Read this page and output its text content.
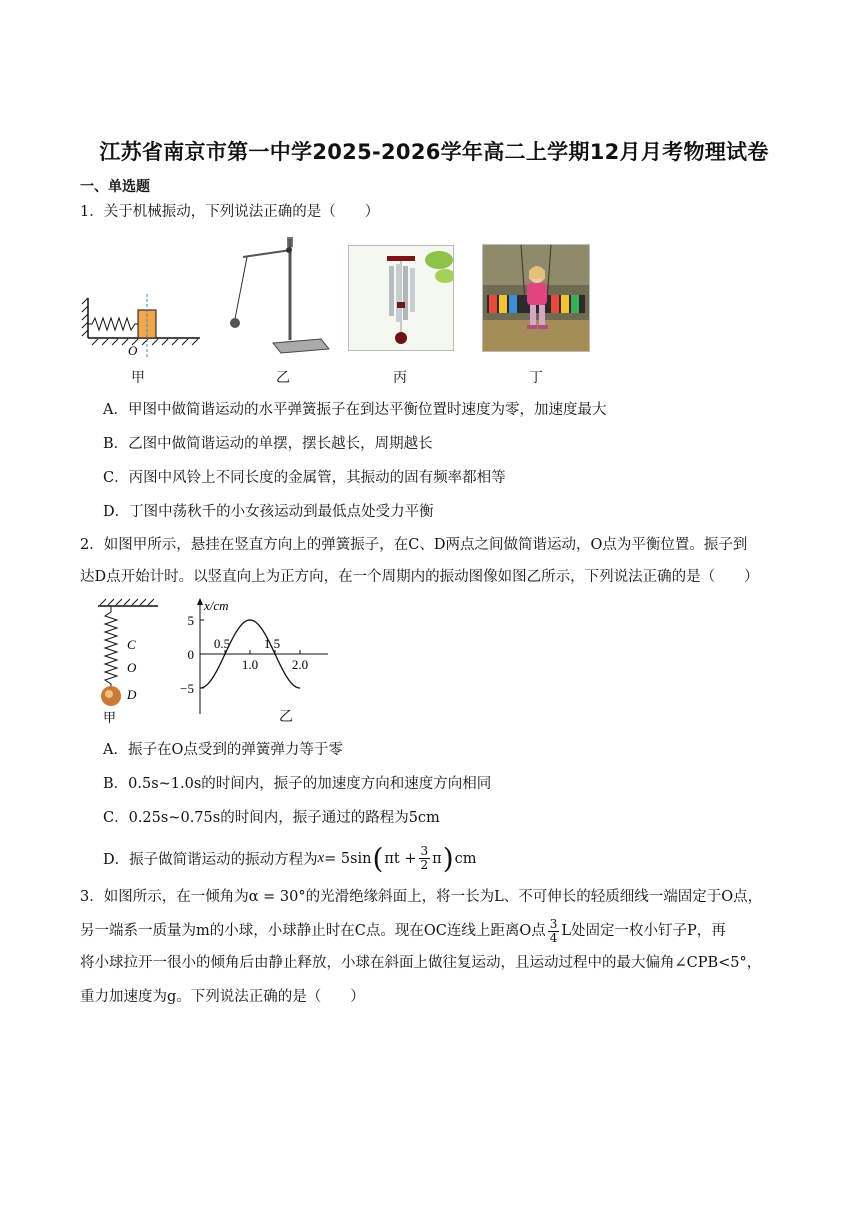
江苏省南京市第一中学2025-2026学年高二上学期12月月考物理试卷
一、单选题
1．关于机械振动，下列说法正确的是（　　）
O
甲	乙	丙	丁
A．甲图中做简谐运动的水平弹簧振子在到达平衡位置时速度为零，加速度最大
B．乙图中做简谐运动的单摆，摆长越长，周期越长
C．丙图中风铃上不同长度的金属管，其振动的固有频率都相等
D．丁图中荡秋千的小女孩运动到最低点处受力平衡
2．如图甲所示，悬挂在竖直方向上的弹簧振子，在C、D两点之间做简谐运动，O点为平衡位置。振子到
达D点开始计时。以竖直向上为正方向，在一个周期内的振动图像如图乙所示，下列说法正确的是（　　）
C
O
D
甲
x/cm
5
0
−5
0.5
1.0
1.5
2.0
乙
A．振子在O点受到的弹簧弹力等于零
B．0.5s~1.0s的时间内，振子的加速度方向和速度方向相同
C．0.25s~0.75s的时间内，振子通过的路程为5cm
D．振子做简谐运动的振动方程为 x = 5sin ( $\pi t + \frac{3}{2}$ π ) cm
3．如图所示，在一倾角为α = 30°的光滑绝缘斜面上，将一长为L、不可伸长的轻质细线一端固定于O点，
另一端系一质量为m的小球，小球静止时在C点。现在OC连线上距离O点 $\frac{3}{4}$ L处固定一枚小钉子P，再
将小球拉开一很小的倾角后由静止释放，小球在斜面上做往复运动，且运动过程中的最大偏角∠CPB<5°，
重力加速度为g。下列说法正确的是（　　）
